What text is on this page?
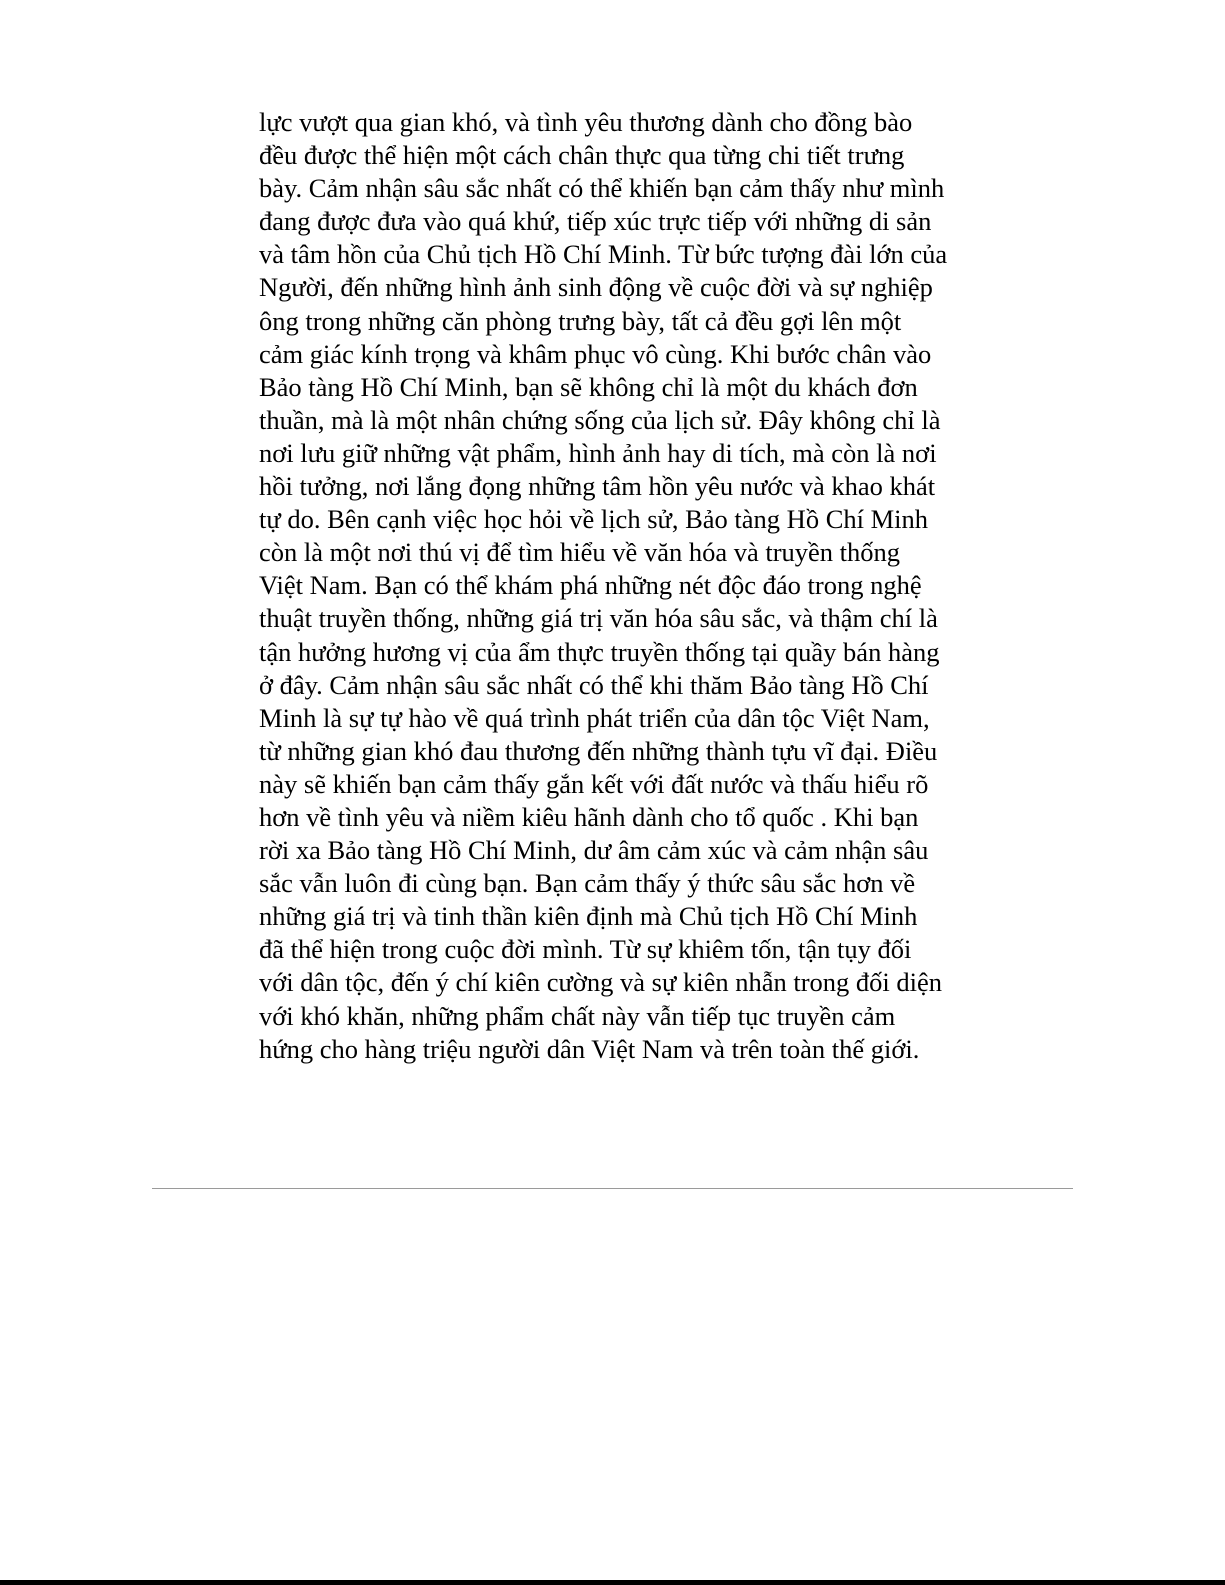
lực vượt qua gian khó, và tình yêu thương dành cho đồng bào
đều được thể hiện một cách chân thực qua từng chi tiết trưng
bày. Cảm nhận sâu sắc nhất có thể khiến bạn cảm thấy như mình
đang được đưa vào quá khứ, tiếp xúc trực tiếp với những di sản
và tâm hồn của Chủ tịch Hồ Chí Minh. Từ bức tượng đài lớn của
Người, đến những hình ảnh sinh động về cuộc đời và sự nghiệp
ông trong những căn phòng trưng bày, tất cả đều gợi lên một
cảm giác kính trọng và khâm phục vô cùng. Khi bước chân vào
Bảo tàng Hồ Chí Minh, bạn sẽ không chỉ là một du khách đơn
thuần, mà là một nhân chứng sống của lịch sử. Đây không chỉ là
nơi lưu giữ những vật phẩm, hình ảnh hay di tích, mà còn là nơi
hồi tưởng, nơi lắng đọng những tâm hồn yêu nước và khao khát
tự do. Bên cạnh việc học hỏi về lịch sử, Bảo tàng Hồ Chí Minh
còn là một nơi thú vị để tìm hiểu về văn hóa và truyền thống
Việt Nam. Bạn có thể khám phá những nét độc đáo trong nghệ
thuật truyền thống, những giá trị văn hóa sâu sắc, và thậm chí là
tận hưởng hương vị của ẩm thực truyền thống tại quầy bán hàng
ở đây. Cảm nhận sâu sắc nhất có thể khi thăm Bảo tàng Hồ Chí
Minh là sự tự hào về quá trình phát triển của dân tộc Việt Nam,
từ những gian khó đau thương đến những thành tựu vĩ đại. Điều
này sẽ khiến bạn cảm thấy gắn kết với đất nước và thấu hiểu rõ
hơn về tình yêu và niềm kiêu hãnh dành cho tổ quốc . Khi bạn
rời xa Bảo tàng Hồ Chí Minh, dư âm cảm xúc và cảm nhận sâu
sắc vẫn luôn đi cùng bạn. Bạn cảm thấy ý thức sâu sắc hơn về
những giá trị và tinh thần kiên định mà Chủ tịch Hồ Chí Minh
đã thể hiện trong cuộc đời mình. Từ sự khiêm tốn, tận tụy đối
với dân tộc, đến ý chí kiên cường và sự kiên nhẫn trong đối diện
với khó khăn, những phẩm chất này vẫn tiếp tục truyền cảm
hứng cho hàng triệu người dân Việt Nam và trên toàn thế giới.
